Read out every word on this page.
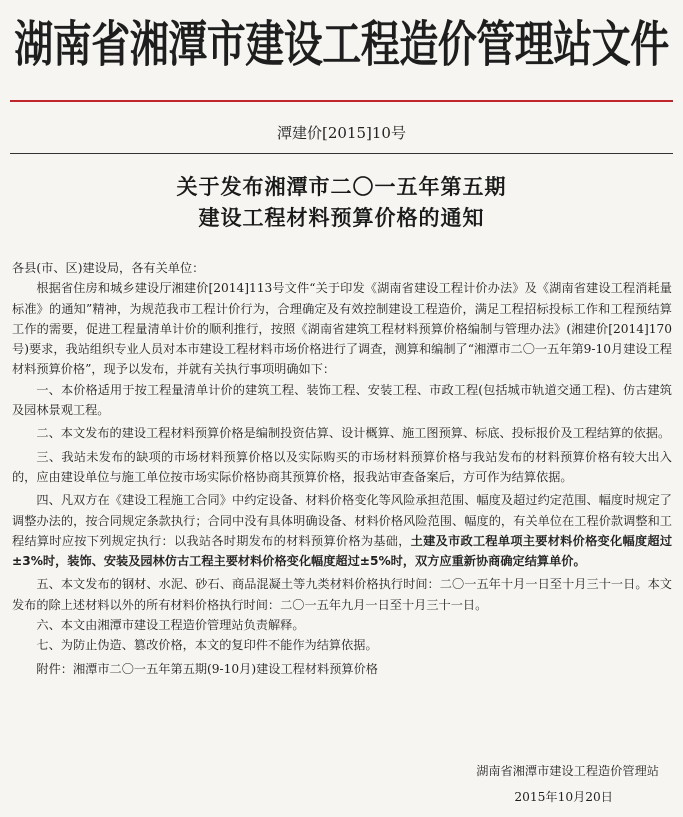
湖南省湘潭市建设工程造价管理站文件
潭建价[2015]10号
关于发布湘潭市二〇一五年第五期
建设工程材料预算价格的通知

各县(市、区)建设局，各有关单位：

根据省住房和城乡建设厅湘建价[2014]113号文件“关于印发《湖南省建设工程计价办法》及《湖南省建设工程消耗量标准》的通知”精神，为规范我市工程计价行为，合理确定及有效控制建设工程造价，满足工程招标投标工作和工程预结算工作的需要，促进工程量清单计价的顺利推行，按照《湖南省建筑工程材料预算价格编制与管理办法》(湘建价[2014]170号)要求，我站组织专业人员对本市建设工程材料市场价格进行了调查，测算和编制了“湘潭市二〇一五年第9-10月建设工程材料预算价格”，现予以发布，并就有关执行事项明确如下：

一、本价格适用于按工程量清单计价的建筑工程、装饰工程、安装工程、市政工程(包括城市轨道交通工程)、仿古建筑及园林景观工程。

二、本文发布的建设工程材料预算价格是编制投资估算、设计概算、施工图预算、标底、投标报价及工程结算的依据。

三、我站未发布的缺项的市场材料预算价格以及实际购买的市场材料预算价格与我站发布的材料预算价格有较大出入的，应由建设单位与施工单位按市场实际价格协商其预算价格，报我站审查备案后，方可作为结算依据。

四、凡双方在《建设工程施工合同》中约定设备、材料价格变化等风险承担范围、幅度及超过约定范围、幅度时规定了调整办法的，按合同规定条款执行；合同中没有具体明确设备、材料价格风险范围、幅度的，有关单位在工程价款调整和工程结算时应按下列规定执行：以我站各时期发布的材料预算价格为基础，土建及市政工程单项主要材料价格变化幅度超过±3%时，装饰、安装及园林仿古工程主要材料价格变化幅度超过±5%时，双方应重新协商确定结算单价。

五、本文发布的钢材、水泥、砂石、商品混凝土等九类材料价格执行时间：二〇一五年十月一日至十月三十一日。本文发布的除上述材料以外的所有材料价格执行时间：二〇一五年九月一日至十月三十一日。

六、本文由湘潭市建设工程造价管理站负责解释。

七、为防止伪造、篡改价格，本文的复印件不能作为结算依据。

附件：湘潭市二〇一五年第五期(9-10月)建设工程材料预算价格

湖南省湘潭市建设工程造价管理站
2015年10月20日
